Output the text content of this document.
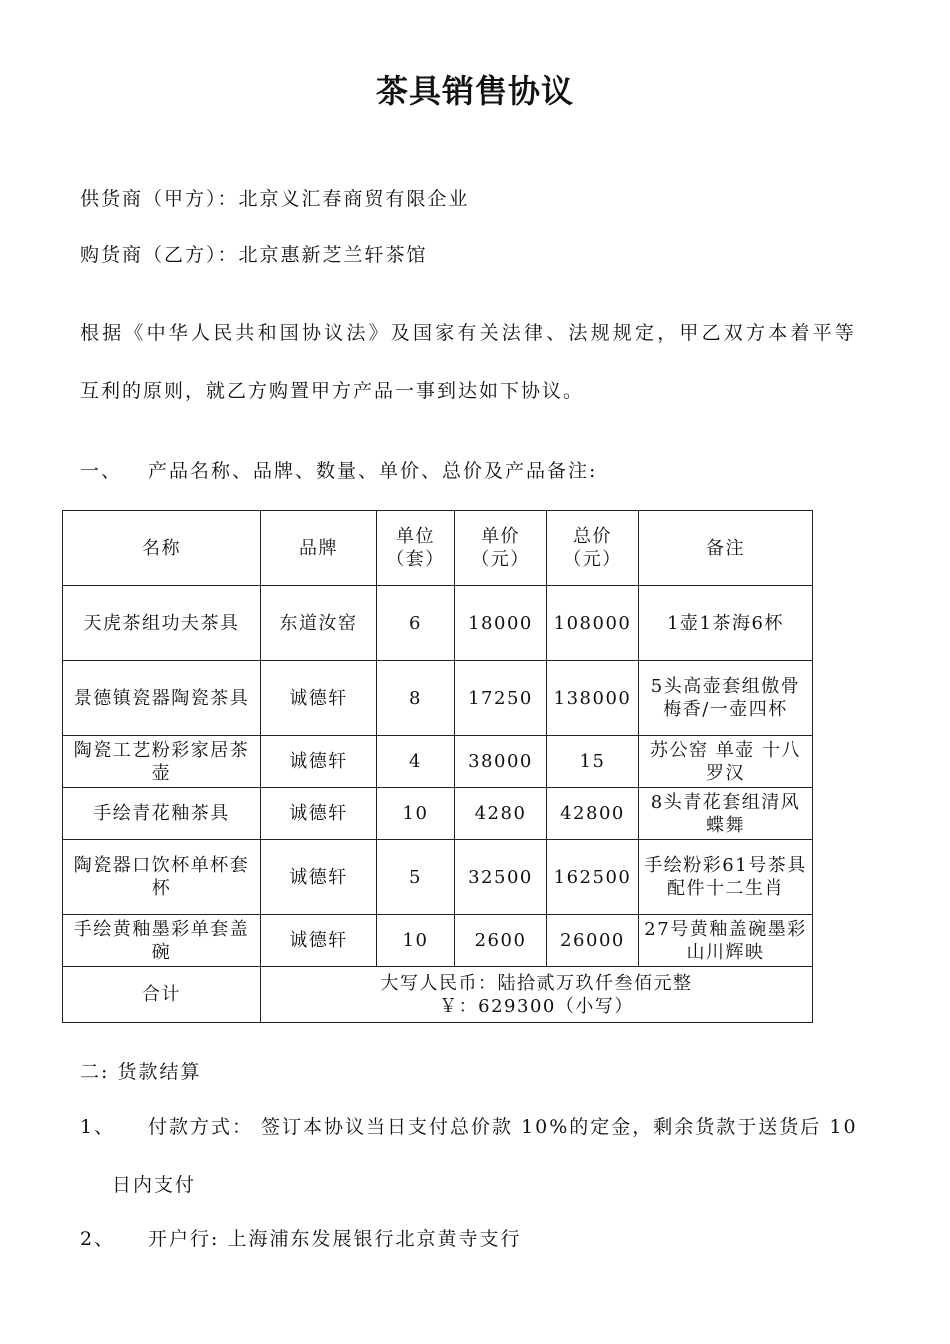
茶具销售协议
供货商（甲方）：北京义汇春商贸有限企业
购货商（乙方）：北京惠新芝兰轩茶馆
根据《中华人民共和国协议法》及国家有关法律、法规规定，甲乙双方本着平等
互利的原则，就乙方购置甲方产品一事到达如下协议。
一、 产品名称、品牌、数量、单价、总价及产品备注:
名称	品牌	单位（套）	单价（元）	总价（元）	备注
天虎茶组功夫茶具	东道汝窑	6	18000	108000	1壶1茶海6杯
景德镇瓷器陶瓷茶具	诚德轩	8	17250	138000	5头高壶套组傲骨梅香/一壶四杯
陶瓷工艺粉彩家居茶壶	诚德轩	4	38000	15	苏公窑 单壶 十八罗汉
手绘青花釉茶具	诚德轩	10	4280	42800	8头青花套组清风蝶舞
陶瓷器口饮杯单杯套杯	诚德轩	5	32500	162500	手绘粉彩61号茶具配件十二生肖
手绘黄釉墨彩单套盖碗	诚德轩	10	2600	26000	27号黄釉盖碗墨彩山川辉映
合计	大写人民币：陆拾贰万玖仟叁佰元整
￥：629300（小写）				
二: 货款结算
1、 付款方式： 签订本协议当日支付总价款 10%的定金，剩余货款于送货后 10
日内支付
2、 开户行: 上海浦东发展银行北京黄寺支行
